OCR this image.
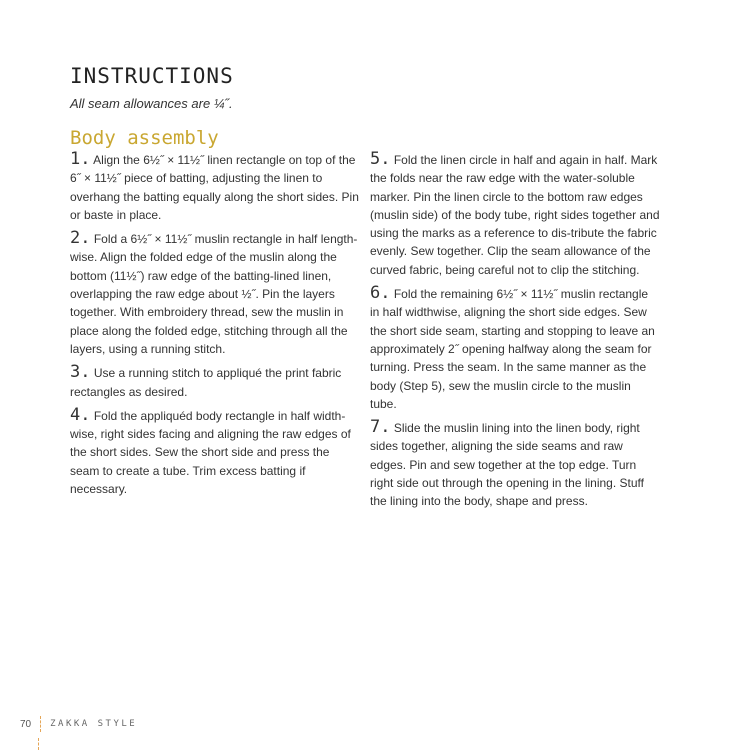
INSTRUCTIONS
All seam allowances are ¼˝.
Body assembly

1. Align the 6½˝ × 11½˝ linen rectangle on top of the 6˝ × 11½˝ piece of batting, adjusting the linen to overhang the batting equally along the short sides. Pin or baste in place.

2. Fold a 6½˝ × 11½˝ muslin rectangle in half length-wise. Align the folded edge of the muslin along the bottom (11½˝) raw edge of the batting-lined linen, overlapping the raw edge about ½˝. Pin the layers together. With embroidery thread, sew the muslin in place along the folded edge, stitching through all the layers, using a running stitch.

3. Use a running stitch to appliqué the print fabric rectangles as desired.

4. Fold the appliquéd body rectangle in half width-wise, right sides facing and aligning the raw edges of the short sides. Sew the short side and press the seam to create a tube. Trim excess batting if necessary.

5. Fold the linen circle in half and again in half. Mark the folds near the raw edge with the water-soluble marker. Pin the linen circle to the bottom raw edges (muslin side) of the body tube, right sides together and using the marks as a reference to dis-tribute the fabric evenly. Sew together. Clip the seam allowance of the curved fabric, being careful not to clip the stitching.

6. Fold the remaining 6½˝ × 11½˝ muslin rectangle in half widthwise, aligning the short side edges. Sew the short side seam, starting and stopping to leave an approximately 2˝ opening halfway along the seam for turning. Press the seam. In the same manner as the body (Step 5), sew the muslin circle to the muslin tube.

7. Slide the muslin lining into the linen body, right sides together, aligning the side seams and raw edges. Pin and sew together at the top edge. Turn right side out through the opening in the lining. Stuff the lining into the body, shape and press.

70 ZAKKA STYLE
